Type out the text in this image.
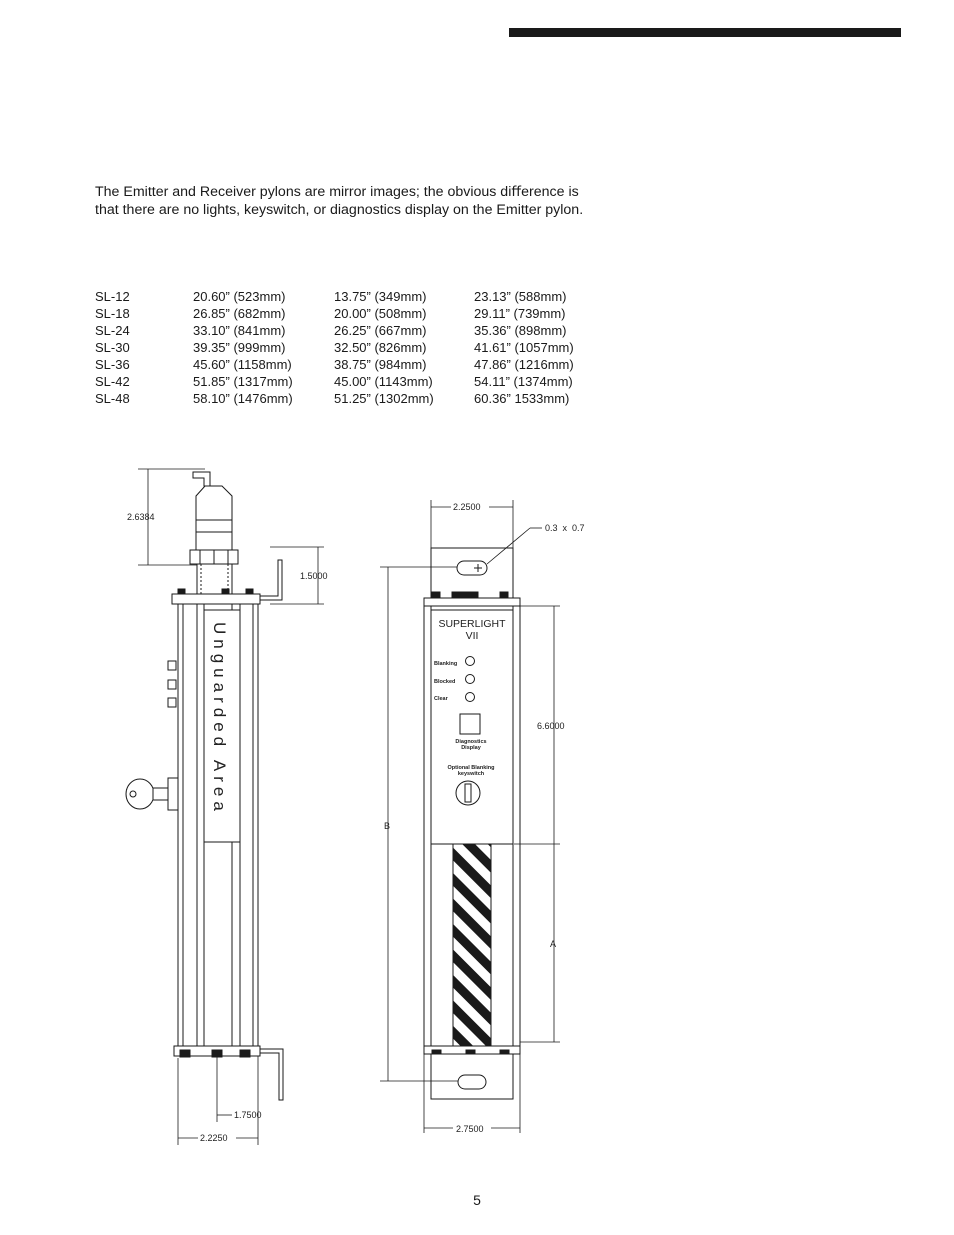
The Emitter and Receiver pylons are mirror images; the obvious diﬀerence is
that there are no lights, keyswitch, or diagnostics display on the Emitter pylon.

SL-12	20.60” (523mm)	13.75” (349mm)	23.13” (588mm)
SL-18	26.85” (682mm)	20.00” (508mm)	29.11” (739mm)
SL-24	33.10” (841mm)	26.25” (667mm)	35.36” (898mm)
SL-30	39.35” (999mm)	32.50” (826mm)	41.61” (1057mm)
SL-36	45.60” (1158mm)	38.75” (984mm)	47.86” (1216mm)
SL-42	51.85” (1317mm)	45.00” (1143mm)	54.11” (1374mm)
SL-48	58.10” (1476mm)	51.25” (1302mm)	60.36” 1533mm)
Unguarded Area
2.6384
1.5000
1.7500
2.2250
SUPERLIGHT
VII
Blanking
Blocked
Clear
Diagnostics
Display
Optional Blanking
keyswitch
2.2500
0.3  x  0.7
6.6000
B
A
2.7500
5
